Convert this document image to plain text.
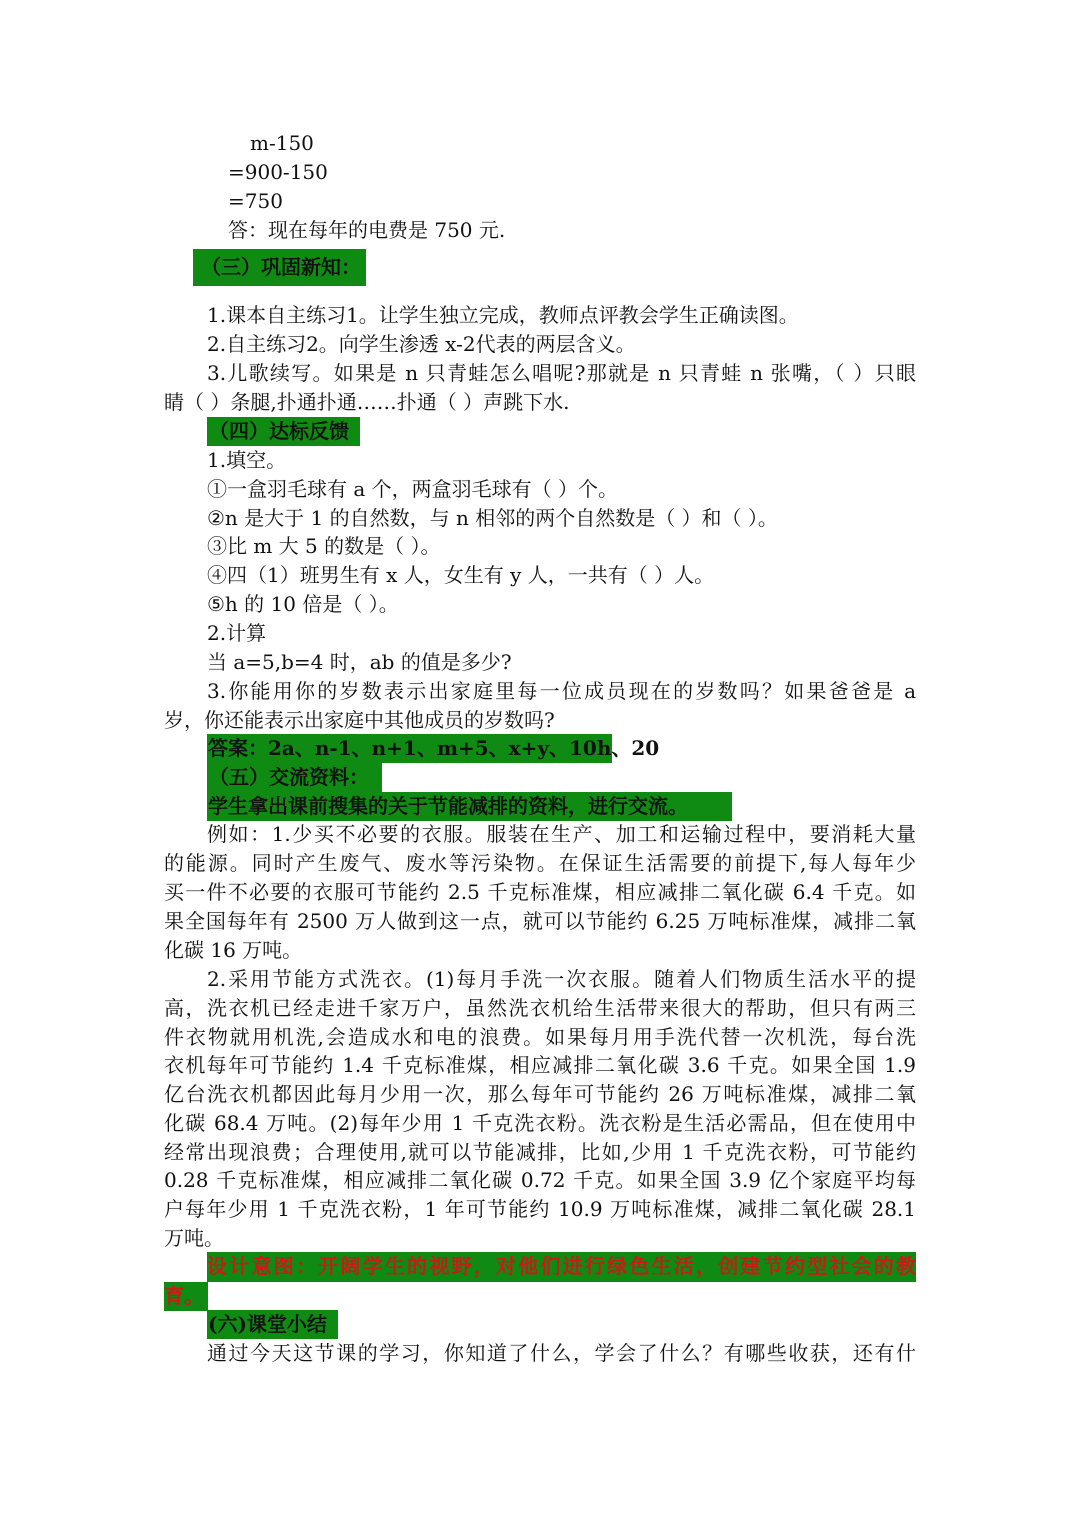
m-150
=900-150
=750
答：现在每年的电费是 750 元.
（三）巩固新知：
1.课本自主练习1。让学生独立完成，教师点评教会学生正确读图。
2.自主练习2。向学生渗透 x-2代表的两层含义。
3.儿歌续写。如果是 n 只青蛙怎么唱呢?那就是 n 只青蛙 n 张嘴，（ ）只眼
睛（ ）条腿,扑通扑通……扑通（ ）声跳下水.
（四）达标反馈
1.填空。
①一盒羽毛球有 a 个，两盒羽毛球有（ ）个。
②n 是大于 1 的自然数，与 n 相邻的两个自然数是（ ）和（ ）。
③比 m 大 5 的数是（ ）。
④四（1）班男生有 x 人，女生有 y 人，一共有（ ）人。
⑤h 的 10 倍是（ ）。
2.计算
当 a=5,b=4 时，ab 的值是多少?
3.你能用你的岁数表示出家庭里每一位成员现在的岁数吗？如果爸爸是 a
岁，你还能表示出家庭中其他成员的岁数吗?
答案：2a、n-1、n+1、m+5、x+y、10h、20
（五）交流资料：
学生拿出课前搜集的关于节能减排的资料，进行交流。
例如：1.少买不必要的衣服。服装在生产、加工和运输过程中，要消耗大量
的能源。同时产生废气、废水等污染物。在保证生活需要的前提下,每人每年少
买一件不必要的衣服可节能约 2.5 千克标准煤，相应减排二氧化碳 6.4 千克。如
果全国每年有 2500 万人做到这一点，就可以节能约 6.25 万吨标准煤，减排二氧
化碳 16 万吨。
2.采用节能方式洗衣。(1)每月手洗一次衣服。随着人们物质生活水平的提
高，洗衣机已经走进千家万户，虽然洗衣机给生活带来很大的帮助，但只有两三
件衣物就用机洗,会造成水和电的浪费。如果每月用手洗代替一次机洗，每台洗
衣机每年可节能约 1.4 千克标准煤，相应减排二氧化碳 3.6 千克。如果全国 1.9
亿台洗衣机都因此每月少用一次，那么每年可节能约 26 万吨标准煤，减排二氧
化碳 68.4 万吨。(2)每年少用 1 千克洗衣粉。洗衣粉是生活必需品，但在使用中
经常出现浪费；合理使用,就可以节能减排，比如,少用 1 千克洗衣粉，可节能约
0.28 千克标准煤，相应减排二氧化碳 0.72 千克。如果全国 3.9 亿个家庭平均每
户每年少用 1 千克洗衣粉，1 年可节能约 10.9 万吨标准煤，减排二氧化碳 28.1
万吨。
设计意图：开阔学生的视野，对他们进行绿色生活，创建节约型社会的教
育。
(六)课堂小结
通过今天这节课的学习，你知道了什么，学会了什么？有哪些收获，还有什
